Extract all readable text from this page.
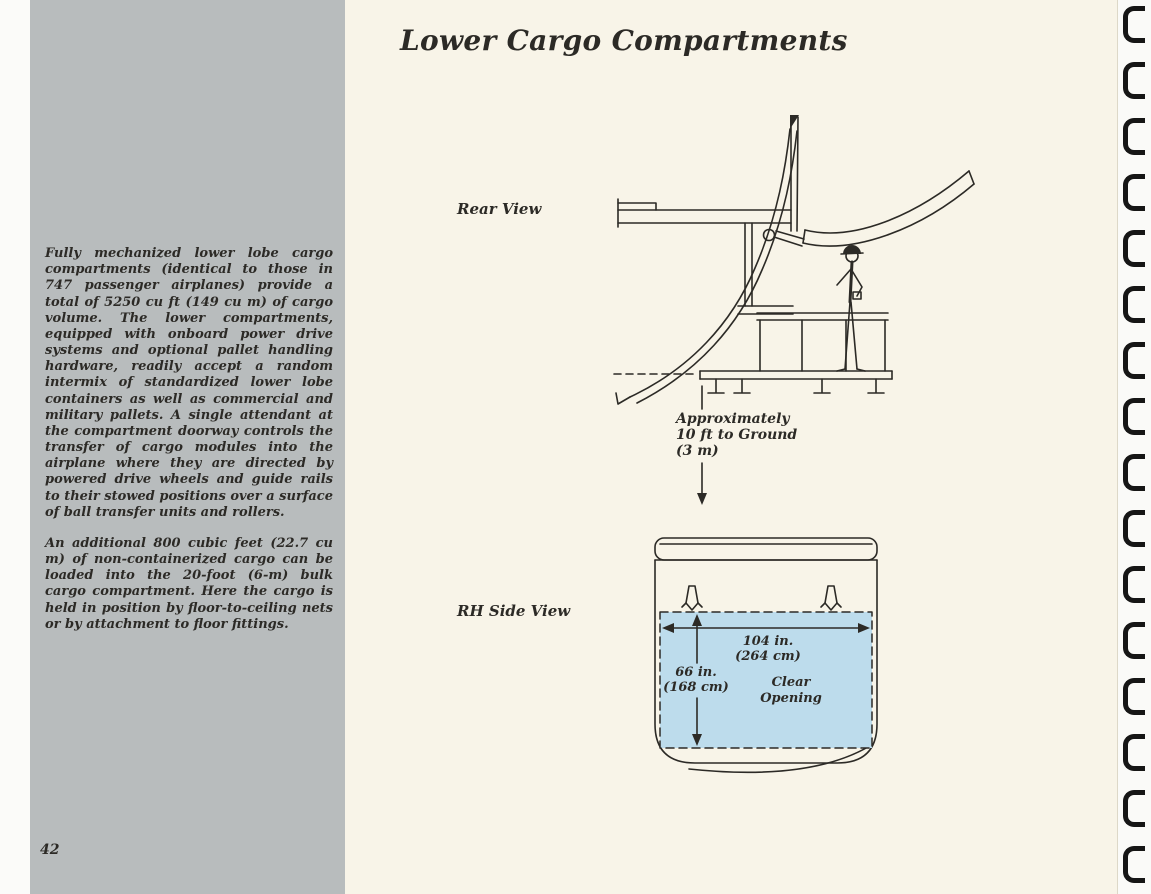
Fully mechanized lower lobe cargo compartments (identical to those in 747 passenger airplanes) provide a total of 5250 cu ft (149 cu m) of cargo volume. The lower compartments, equipped with onboard power drive systems and optional pallet handling hardware, readily accept a random intermix of standardized lower lobe containers as well as commercial and military pallets. A single attendant at the compartment doorway controls the transfer of cargo modules into the airplane where they are directed by powered drive wheels and guide rails to their stowed positions over a surface of ball transfer units and rollers.

An additional 800 cubic feet (22.7 cu m) of non-containerized cargo can be loaded into the 20-foot (6-m) bulk cargo compartment. Here the cargo is held in position by floor-to-ceiling nets or by attachment to floor fittings.

42
Lower Cargo Compartments
Rear View
Approximately
10 ft to Ground
(3 m)
RH Side View
104 in.
(264 cm)
66 in.
(168 cm)	Clear
Opening
